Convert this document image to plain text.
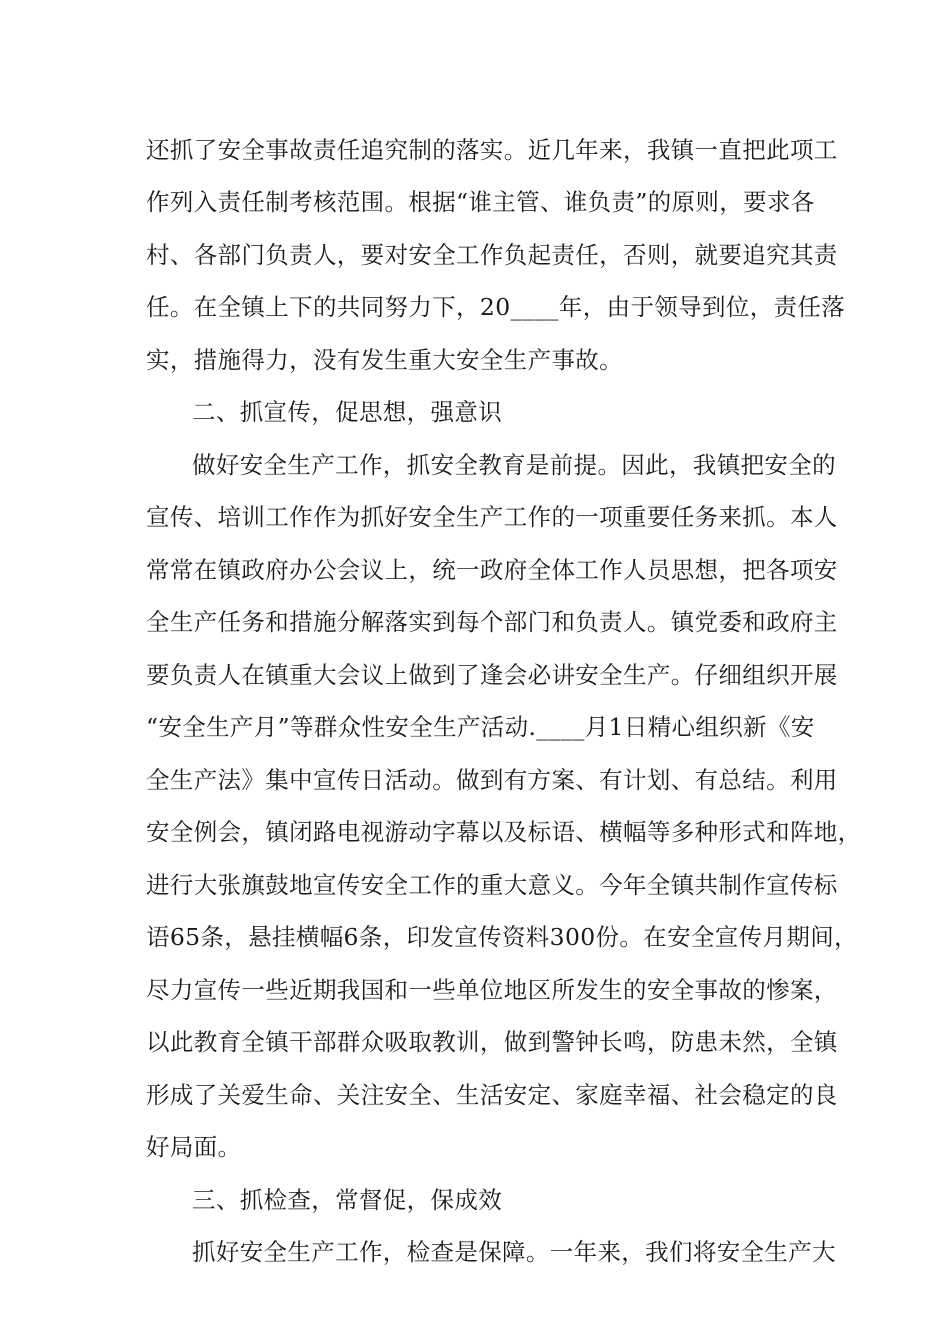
还抓了安全事故责任追究制的落实。近几年来，我镇一直把此项工
作列入责任制考核范围。根据“谁主管、谁负责”的原则，要求各
村、各部门负责人，要对安全工作负起责任，否则，就要追究其责
任。在全镇上下的共同努力下，20____年，由于领导到位，责任落
实，措施得力，没有发生重大安全生产事故。
二、抓宣传，促思想，强意识
做好安全生产工作，抓安全教育是前提。因此，我镇把安全的
宣传、培训工作作为抓好安全生产工作的一项重要任务来抓。本人
常常在镇政府办公会议上，统一政府全体工作人员思想，把各项安
全生产任务和措施分解落实到每个部门和负责人。镇党委和政府主
要负责人在镇重大会议上做到了逢会必讲安全生产。仔细组织开展
“安全生产月”等群众性安全生产活动.____月1日精心组织新《安
全生产法》集中宣传日活动。做到有方案、有计划、有总结。利用
安全例会，镇闭路电视游动字幕以及标语、横幅等多种形式和阵地，
进行大张旗鼓地宣传安全工作的重大意义。今年全镇共制作宣传标
语65条，悬挂横幅6条，印发宣传资料300份。在安全宣传月期间，
尽力宣传一些近期我国和一些单位地区所发生的安全事故的惨案，
以此教育全镇干部群众吸取教训，做到警钟长鸣，防患未然，全镇
形成了关爱生命、关注安全、生活安定、家庭幸福、社会稳定的良
好局面。
三、抓检查，常督促，保成效
抓好安全生产工作，检查是保障。一年来，我们将安全生产大
